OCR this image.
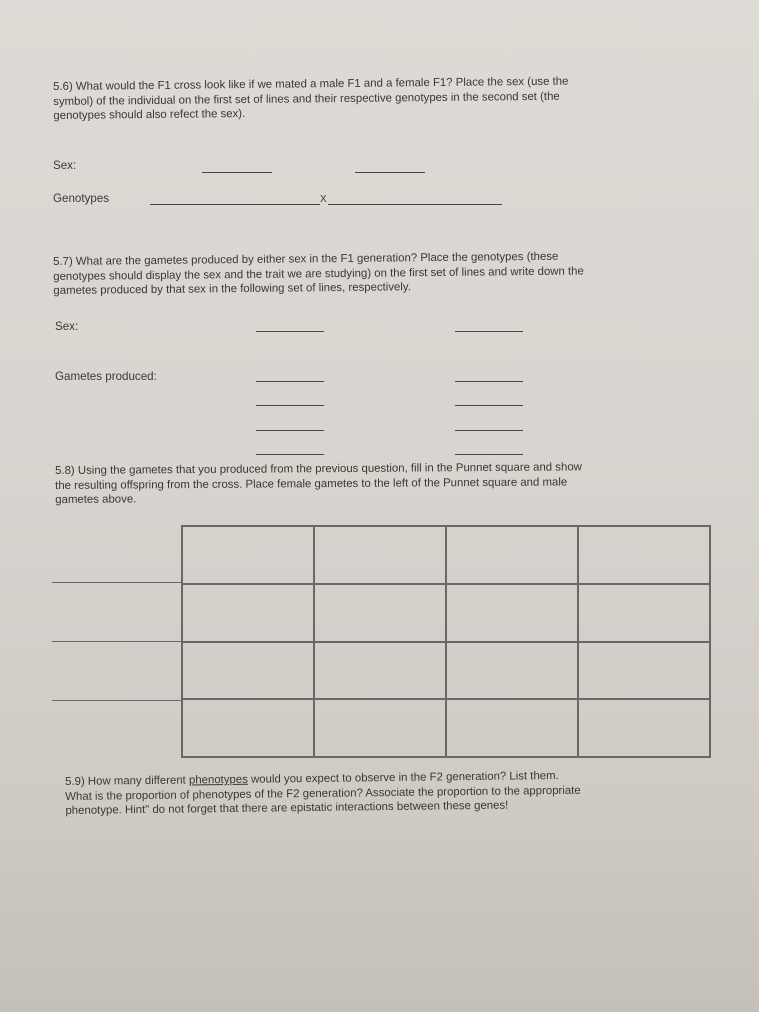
5.6) What would the F1 cross look like if we mated a male F1 and a female F1? Place the sex (use the

symbol) of the individual on the first set of lines and their respective genotypes in the second set (the

genotypes should also refect the sex).

Sex:
Genotypes	X

5.7) What are the gametes produced by either sex in the F1 generation? Place the genotypes (these

genotypes should display the sex and the trait we are studying) on the first set of lines and write down the

gametes produced by that sex in the following set of lines, respectively.

Sex:
Gametes produced:

5.8) Using the gametes that you produced from the previous question, fill in the Punnet square and show

the resulting offspring from the cross. Place female gametes to the left of the Punnet square and male

gametes above.

5.9) How many different phenotypes would you expect to observe in the F2 generation? List them.

What is the proportion of phenotypes of the F2 generation? Associate the proportion to the appropriate

phenotype. Hint" do not forget that there are epistatic interactions between these genes!
